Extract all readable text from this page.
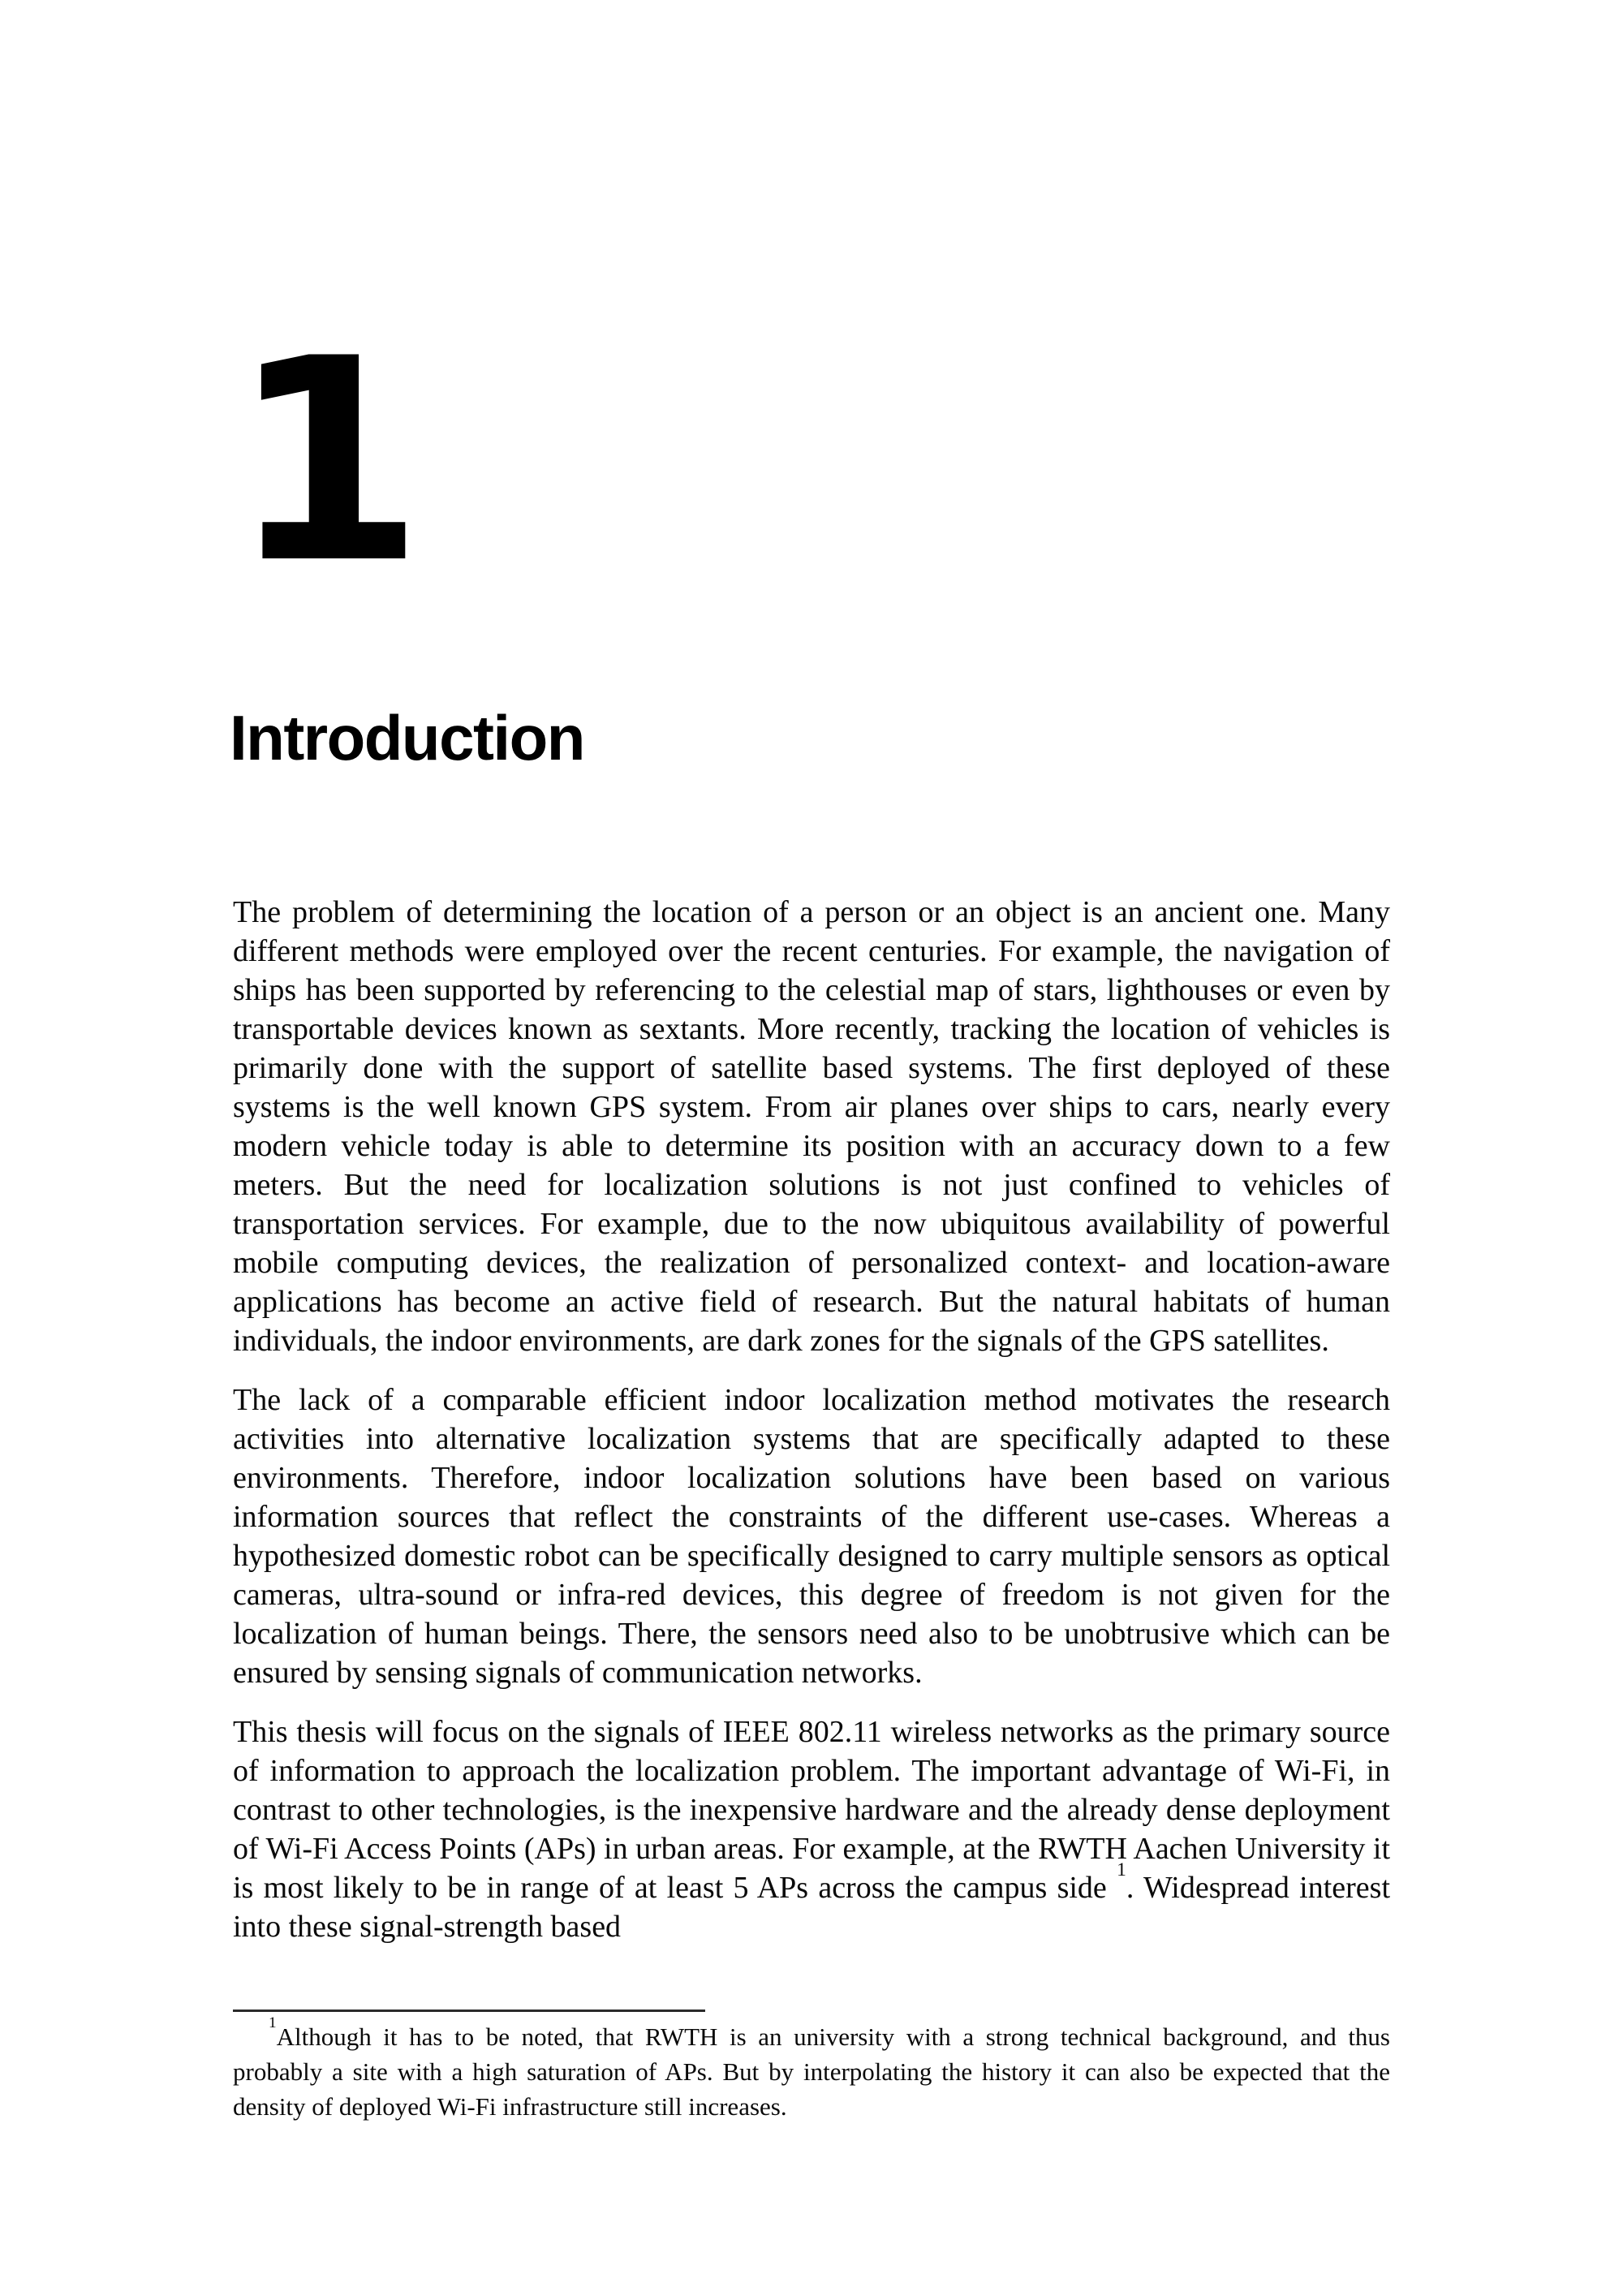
1
Introduction

The problem of determining the location of a person or an object is an ancient one. Many different methods were employed over the recent centuries. For example, the navigation of ships has been supported by referencing to the celestial map of stars, lighthouses or even by transportable devices known as sextants. More recently, tracking the location of vehicles is primarily done with the support of satellite based systems. The first deployed of these systems is the well known GPS system. From air planes over ships to cars, nearly every modern vehicle today is able to determine its position with an accuracy down to a few meters. But the need for localization solutions is not just confined to vehicles of transportation services. For example, due to the now ubiquitous availability of powerful mobile computing devices, the realization of personalized context- and location-aware applications has become an active field of research. But the natural habitats of human individuals, the indoor environments, are dark zones for the signals of the GPS satellites.

The lack of a comparable efficient indoor localization method motivates the research activities into alternative localization systems that are specifically adapted to these environments. Therefore, indoor localization solutions have been based on various information sources that reflect the constraints of the different use-cases. Whereas a hypothesized domestic robot can be specifically designed to carry multiple sensors as optical cameras, ultra-sound or infra-red devices, this degree of freedom is not given for the localization of human beings. There, the sensors need also to be unobtrusive which can be ensured by sensing signals of communication networks.

This thesis will focus on the signals of IEEE 802.11 wireless networks as the primary source of information to approach the localization problem. The important advantage of Wi-Fi, in contrast to other technologies, is the inexpensive hardware and the already dense deployment of Wi-Fi Access Points (APs) in urban areas. For example, at the RWTH Aachen University it is most likely to be in range of at least 5 APs across the campus side $^1$. Widespread interest into these signal-strength based

$^1$Although it has to be noted, that RWTH is an university with a strong technical background, and thus probably a site with a high saturation of APs. But by interpolating the history it can also be expected that the density of deployed Wi-Fi infrastructure still increases.
